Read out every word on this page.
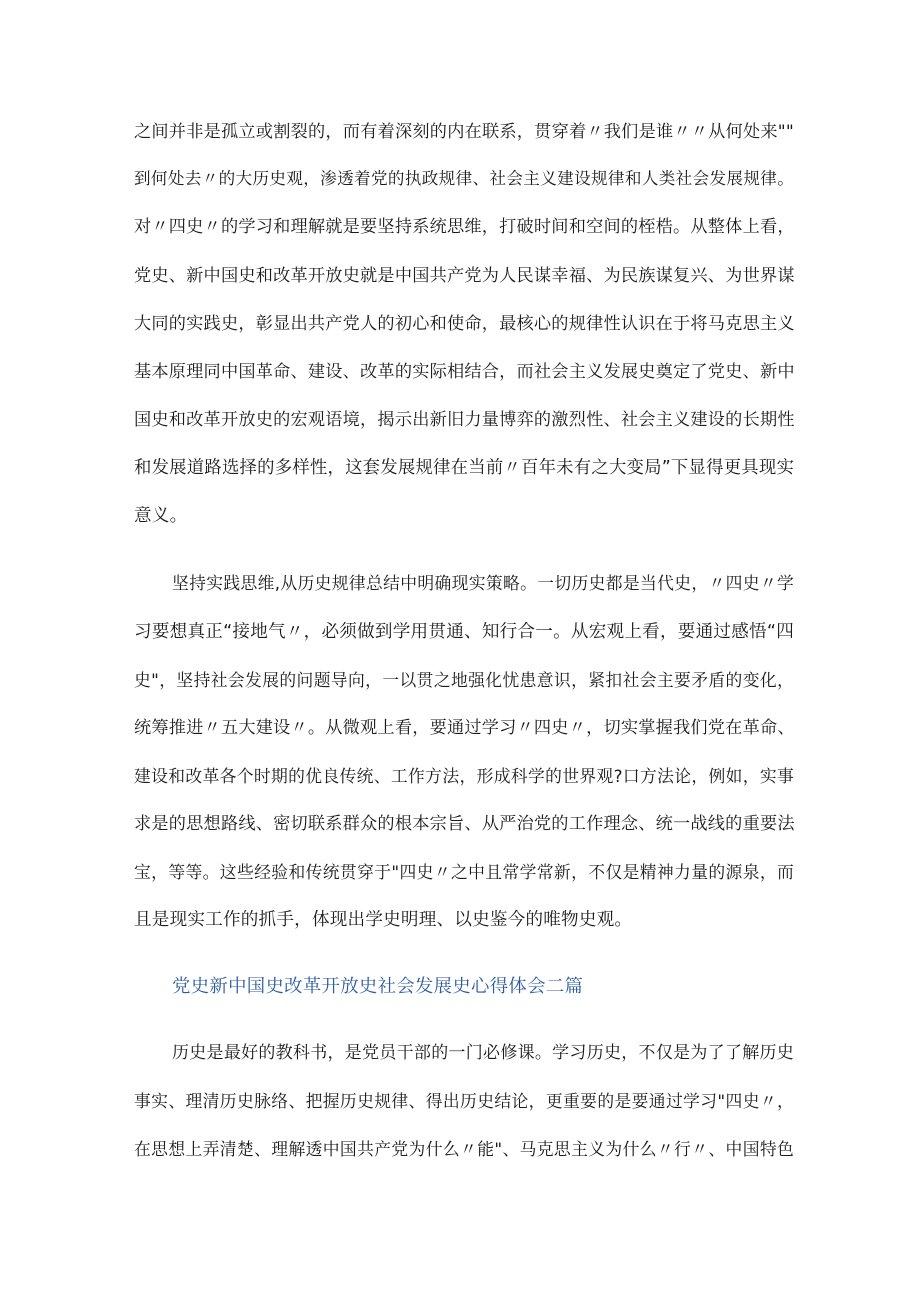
之间并非是孤立或割裂的，而有着深刻的内在联系，贯穿着〃我们是谁〃〃从何处来""
到何处去〃的大历史观，渗透着党的执政规律、社会主义建设规律和人类社会发展规律。
对〃四史〃的学习和理解就是要坚持系统思维，打破时间和空间的桎梏。从整体上看，
党史、新中国史和改革开放史就是中国共产党为人民谋幸福、为民族谋复兴、为世界谋
大同的实践史，彰显出共产党人的初心和使命，最核心的规律性认识在于将马克思主义
基本原理同中国革命、建设、改革的实际相结合，而社会主义发展史奠定了党史、新中
国史和改革开放史的宏观语境，揭示出新旧力量博弈的激烈性、社会主义建设的长期性
和发展道路选择的多样性，这套发展规律在当前〃百年未有之大变局”下显得更具现实
意义。
坚持实践思维,从历史规律总结中明确现实策略。一切历史都是当代史，〃四史〃学
习要想真正“接地气〃，必须做到学用贯通、知行合一。从宏观上看，要通过感悟“四
史"，坚持社会发展的问题导向，一以贯之地强化忧患意识，紧扣社会主要矛盾的变化，
统筹推进〃五大建设〃。从微观上看，要通过学习〃四史〃，切实掌握我们党在革命、
建设和改革各个时期的优良传统、工作方法，形成科学的世界观?口方法论，例如，实事
求是的思想路线、密切联系群众的根本宗旨、从严治党的工作理念、统一战线的重要法
宝，等等。这些经验和传统贯穿于"四史〃之中且常学常新，不仅是精神力量的源泉，而
且是现实工作的抓手，体现出学史明理、以史鉴今的唯物史观。
党史新中国史改革开放史社会发展史心得体会二篇
历史是最好的教科书，是党员干部的一门必修课。学习历史，不仅是为了了解历史
事实、理清历史脉络、把握历史规律、得出历史结论，更重要的是要通过学习"四史〃，
在思想上弄清楚、理解透中国共产党为什么〃能"、马克思主义为什么〃行〃、中国特色
